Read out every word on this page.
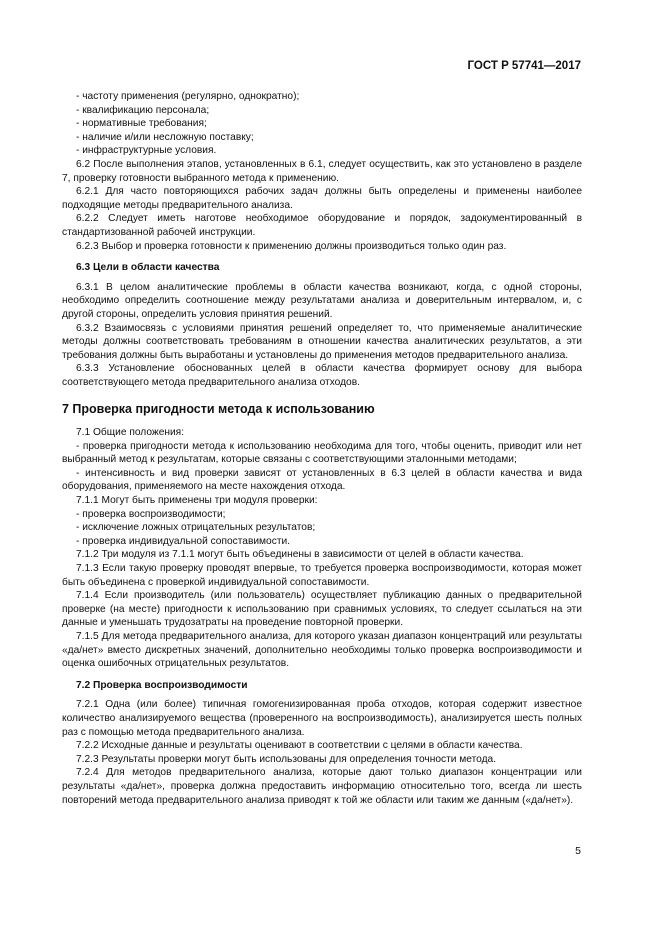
ГОСТ Р 57741—2017
- частоту применения (регулярно, однократно);
- квалификацию персонала;
- нормативные требования;
- наличие и/или несложную поставку;
- инфраструктурные условия.
6.2 После выполнения этапов, установленных в 6.1, следует осуществить, как это установлено в разделе 7, проверку готовности выбранного метода к применению.
6.2.1 Для часто повторяющихся рабочих задач должны быть определены и применены наиболее подходящие методы предварительного анализа.
6.2.2 Следует иметь наготове необходимое оборудование и порядок, задокументированный в стандартизованной рабочей инструкции.
6.2.3 Выбор и проверка готовности к применению должны производиться только один раз.
6.3 Цели в области качества
6.3.1 В целом аналитические проблемы в области качества возникают, когда, с одной стороны, необходимо определить соотношение между результатами анализа и доверительным интервалом, и, с другой стороны, определить условия принятия решений.
6.3.2 Взаимосвязь с условиями принятия решений определяет то, что применяемые аналитические методы должны соответствовать требованиям в отношении качества аналитических результатов, а эти требования должны быть выработаны и установлены до применения методов предварительного анализа.
6.3.3 Установление обоснованных целей в области качества формирует основу для выбора соответствующего метода предварительного анализа отходов.
7 Проверка пригодности метода к использованию
7.1 Общие положения:
- проверка пригодности метода к использованию необходима для того, чтобы оценить, приводит или нет выбранный метод к результатам, которые связаны с соответствующими эталонными методами;
- интенсивность и вид проверки зависят от установленных в 6.3 целей в области качества и вида оборудования, применяемого на месте нахождения отхода.
7.1.1 Могут быть применены три модуля проверки:
- проверка воспроизводимости;
- исключение ложных отрицательных результатов;
- проверка индивидуальной сопоставимости.
7.1.2 Три модуля из 7.1.1 могут быть объединены в зависимости от целей в области качества.
7.1.3 Если такую проверку проводят впервые, то требуется проверка воспроизводимости, которая может быть объединена с проверкой индивидуальной сопоставимости.
7.1.4 Если производитель (или пользователь) осуществляет публикацию данных о предварительной проверке (на месте) пригодности к использованию при сравнимых условиях, то следует ссылаться на эти данные и уменьшать трудозатраты на проведение повторной проверки.
7.1.5 Для метода предварительного анализа, для которого указан диапазон концентраций или результаты «да/нет» вместо дискретных значений, дополнительно необходимы только проверка воспроизводимости и оценка ошибочных отрицательных результатов.
7.2 Проверка воспроизводимости
7.2.1 Одна (или более) типичная гомогенизированная проба отходов, которая содержит известное количество анализируемого вещества (проверенного на воспроизводимость), анализируется шесть полных раз с помощью метода предварительного анализа.
7.2.2 Исходные данные и результаты оценивают в соответствии с целями в области качества.
7.2.3 Результаты проверки могут быть использованы для определения точности метода.
7.2.4 Для методов предварительного анализа, которые дают только диапазон концентрации или результаты «да/нет», проверка должна предоставить информацию относительно того, всегда ли шесть повторений метода предварительного анализа приводят к той же области или таким же данным («да/нет»).
5
